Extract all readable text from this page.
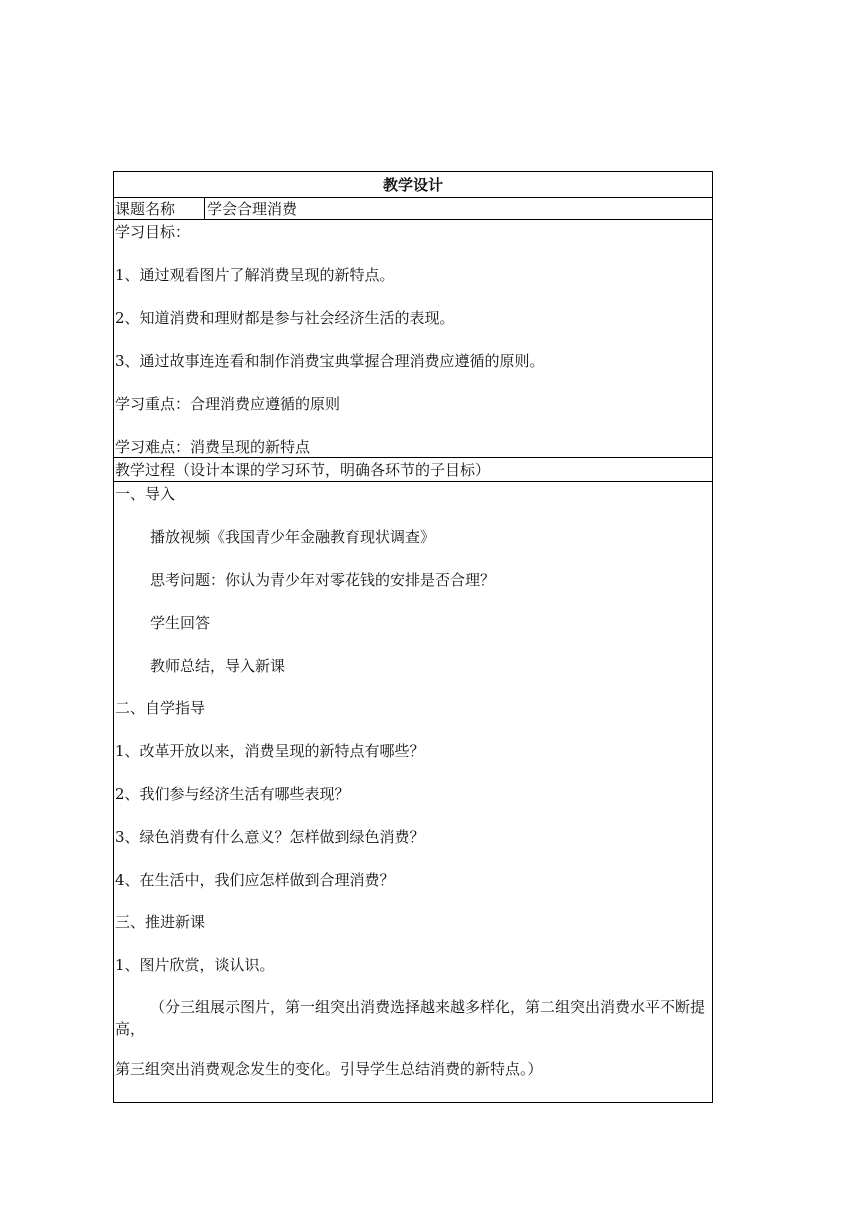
教学设计
课题名称	学会合理消费
学习目标：
1、通过观看图片了解消费呈现的新特点。
2、知道消费和理财都是参与社会经济生活的表现。
3、通过故事连连看和制作消费宝典掌握合理消费应遵循的原则。
学习重点：合理消费应遵循的原则
学习难点：消费呈现的新特点
教学过程（设计本课的学习环节，明确各环节的子目标）
一、导入
播放视频《我国青少年金融教育现状调查》
思考问题：你认为青少年对零花钱的安排是否合理？
学生回答
教师总结，导入新课
二、自学指导
1、改革开放以来，消费呈现的新特点有哪些？
2、我们参与经济生活有哪些表现？
3、绿色消费有什么意义？怎样做到绿色消费？
4、在生活中，我们应怎样做到合理消费？
三、推进新课
1、图片欣赏，谈认识。
（分三组展示图片，第一组突出消费选择越来越多样化，第二组突出消费水平不断提高，
第三组突出消费观念发生的变化。引导学生总结消费的新特点。）
